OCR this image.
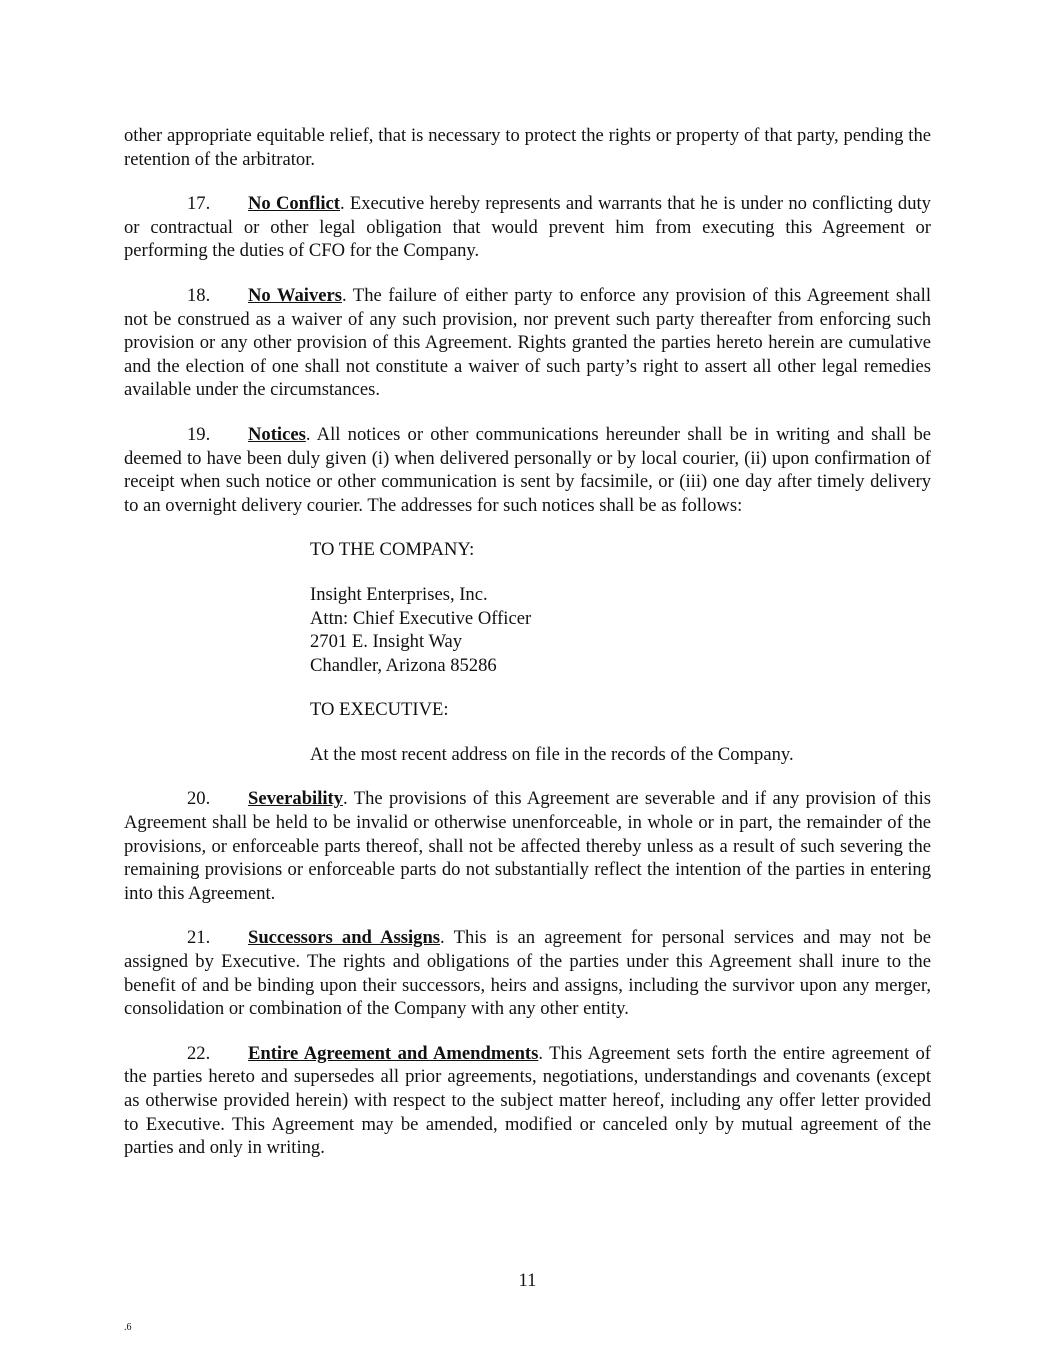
other appropriate equitable relief, that is necessary to protect the rights or property of that party, pending the retention of the arbitrator.

17. No Conflict. Executive hereby represents and warrants that he is under no conflicting duty or contractual or other legal obligation that would prevent him from executing this Agreement or performing the duties of CFO for the Company.

18. No Waivers. The failure of either party to enforce any provision of this Agreement shall not be construed as a waiver of any such provision, nor prevent such party thereafter from enforcing such provision or any other provision of this Agreement. Rights granted the parties hereto herein are cumulative and the election of one shall not constitute a waiver of such party’s right to assert all other legal remedies available under the circumstances.

19. Notices. All notices or other communications hereunder shall be in writing and shall be deemed to have been duly given (i) when delivered personally or by local courier, (ii) upon confirmation of receipt when such notice or other communication is sent by facsimile, or (iii) one day after timely delivery to an overnight delivery courier. The addresses for such notices shall be as follows:

TO THE COMPANY:

Insight Enterprises, Inc.
Attn: Chief Executive Officer
2701 E. Insight Way
Chandler, Arizona 85286

TO EXECUTIVE:

At the most recent address on file in the records of the Company.

20. Severability. The provisions of this Agreement are severable and if any provision of this Agreement shall be held to be invalid or otherwise unenforceable, in whole or in part, the remainder of the provisions, or enforceable parts thereof, shall not be affected thereby unless as a result of such severing the remaining provisions or enforceable parts do not substantially reflect the intention of the parties in entering into this Agreement.

21. Successors and Assigns. This is an agreement for personal services and may not be assigned by Executive. The rights and obligations of the parties under this Agreement shall inure to the benefit of and be binding upon their successors, heirs and assigns, including the survivor upon any merger, consolidation or combination of the Company with any other entity.

22. Entire Agreement and Amendments. This Agreement sets forth the entire agreement of the parties hereto and supersedes all prior agreements, negotiations, understandings and covenants (except as otherwise provided herein) with respect to the subject matter hereof, including any offer letter provided to Executive. This Agreement may be amended, modified or canceled only by mutual agreement of the parties and only in writing.

11
.6
